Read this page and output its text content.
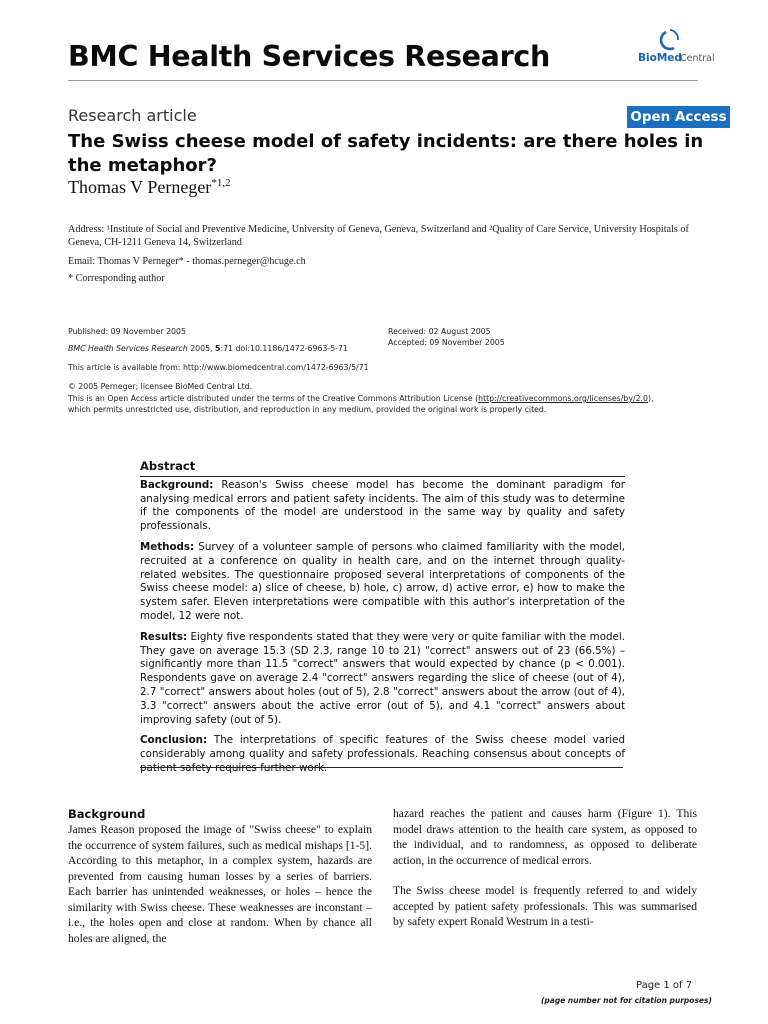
BMC Health Services Research	BioMed
Central
Research article	Open Access
The Swiss cheese model of safety incidents: are there holes in the metaphor?
Thomas V Perneger$^{*1,2}$
Address: ¹Institute of Social and Preventive Medicine, University of Geneva, Geneva, Switzerland and ²Quality of Care Service, University Hospitals of Geneva, CH-1211 Geneva 14, Switzerland
Email: Thomas V Perneger* - thomas.perneger@hcuge.ch
* Corresponding author
Published: 09 November 2005
BMC Health Services Research 2005, 5:71 doi:10.1186/1472-6963-5-71
Received: 02 August 2005
Accepted: 09 November 2005
This article is available from: http://www.biomedcentral.com/1472-6963/5/71
© 2005 Perneger; licensee BioMed Central Ltd.
This is an Open Access article distributed under the terms of the Creative Commons Attribution License (http://creativecommons.org/licenses/by/2.0),
which permits unrestricted use, distribution, and reproduction in any medium, provided the original work is properly cited.
Abstract

Background: Reason's Swiss cheese model has become the dominant paradigm for analysing medical errors and patient safety incidents. The aim of this study was to determine if the components of the model are understood in the same way by quality and safety professionals.

Methods: Survey of a volunteer sample of persons who claimed familiarity with the model, recruited at a conference on quality in health care, and on the internet through quality-related websites. The questionnaire proposed several interpretations of components of the Swiss cheese model: a) slice of cheese, b) hole, c) arrow, d) active error, e) how to make the system safer. Eleven interpretations were compatible with this author's interpretation of the model, 12 were not.

Results: Eighty five respondents stated that they were very or quite familiar with the model. They gave on average 15.3 (SD 2.3, range 10 to 21) "correct" answers out of 23 (66.5%) – significantly more than 11.5 "correct" answers that would expected by chance (p < 0.001). Respondents gave on average 2.4 "correct" answers regarding the slice of cheese (out of 4), 2.7 "correct" answers about holes (out of 5), 2.8 "correct" answers about the arrow (out of 4), 3.3 "correct" answers about the active error (out of 5), and 4.1 "correct" answers about improving safety (out of 5).

Conclusion: The interpretations of specific features of the Swiss cheese model varied considerably among quality and safety professionals. Reaching consensus about concepts of patient safety requires further work.

Background
James Reason proposed the image of "Swiss cheese" to explain the occurrence of system failures, such as medical mishaps [1-5]. According to this metaphor, in a complex system, hazards are prevented from causing human losses by a series of barriers. Each barrier has unintended weaknesses, or holes – hence the similarity with Swiss cheese. These weaknesses are inconstant – i.e., the holes open and close at random. When by chance all holes are aligned, the
hazard reaches the patient and causes harm (Figure 1). This model draws attention to the health care system, as opposed to the individual, and to randomness, as opposed to deliberate action, in the occurrence of medical errors.
The Swiss cheese model is frequently referred to and widely accepted by patient safety professionals. This was summarised by safety expert Ronald Westrum in a testi-
Page 1 of 7
(page number not for citation purposes)
